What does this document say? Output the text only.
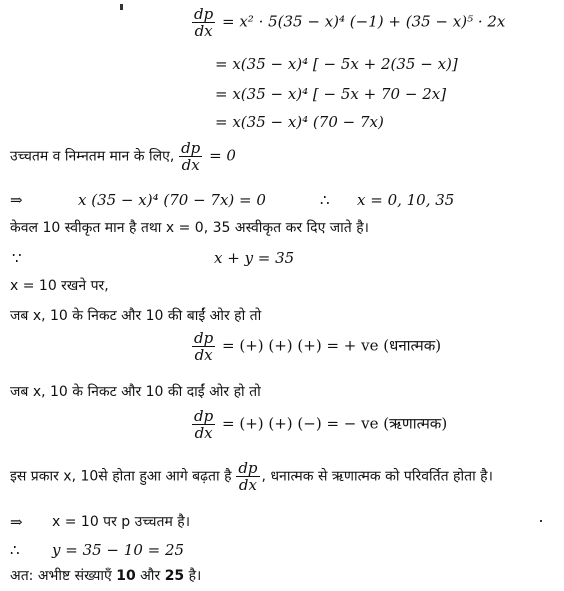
$\frac{dp}{dx} = x^2 \cdot 5(35 - x)^4$ (−1) + (35 − x)⁵ · 2x
= x(35 − x)⁴ [ − 5x + 2(35 − x)]
= x(35 − x)⁴ [ − 5x + 70 − 2x]
= x(35 − x)⁴ (70 − 7x)
उच्चतम व निम्नतम मान के लिए, $\frac{dp}{dx} = 0$
⇒	x (35 − x)⁴ (70 − 7x) = 0	∴ x = 0, 10, 35
केवल 10 स्वीकृत मान है तथा x = 0, 35 अस्वीकृत कर दिए जाते है।
∵	x + y = 35
x = 10 रखने पर,
जब x, 10 के निकट और 10 की बाईं ओर हो तो
$\frac{dp}{dx}$ = (+) (+) (+) = + ve (धनात्मक)
जब x, 10 के निकट और 10 की दाईं ओर हो तो
$\frac{dp}{dx}$ = (+) (+) (−) = − ve (ऋणात्मक)
इस प्रकार x, 10से होता हुआ आगे बढ़ता है $\frac{dp}{dx}$ , धनात्मक से ऋणात्मक को परिवर्तित होता है।
⇒ x = 10 पर p उच्चतम है।
∴ y = 35 − 10 = 25
अत: अभीष्ट संख्याएँ 10 और 25 है।
